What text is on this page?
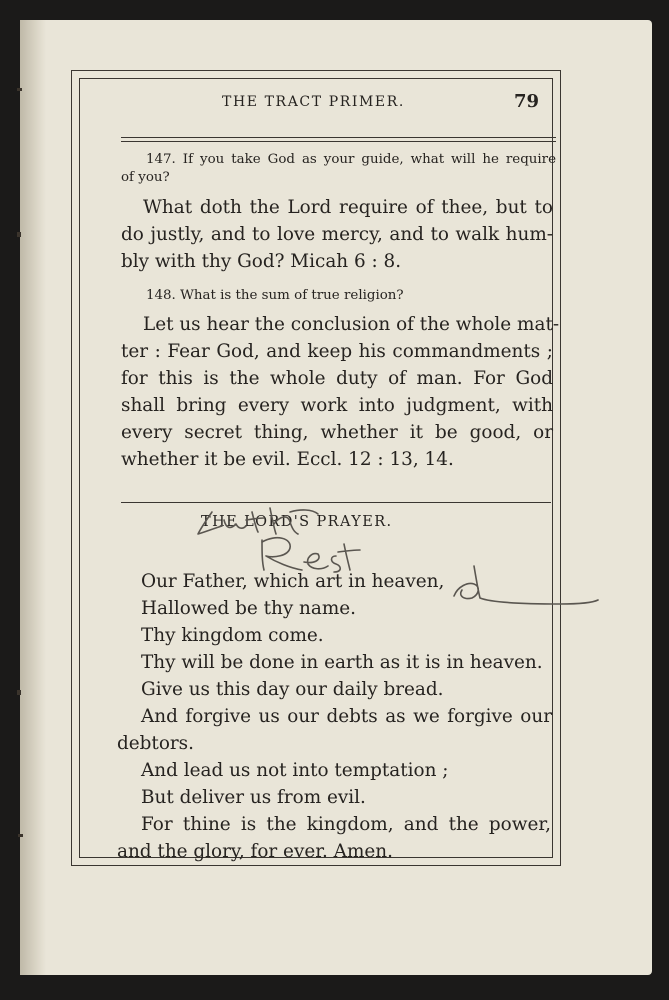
THE TRACT PRIMER.	79
147. If you take God as your guide, what will he require
of you?
What doth the Lord require of thee, but to
do justly, and to love mercy, and to walk hum-
bly with thy God? Micah 6 : 8.
148. What is the sum of true religion?
Let us hear the conclusion of the whole mat-
ter : Fear God, and keep his commandments ;
for this is the whole duty of man. For God
shall bring every work into judgment, with
every secret thing, whether it be good, or
whether it be evil. Eccl. 12 : 13, 14.
THE LORD'S PRAYER.
Our Father, which art in heaven,
Hallowed be thy name.
Thy kingdom come.
Thy will be done in earth as it is in heaven.
Give us this day our daily bread.
And forgive us our debts as we forgive our
debtors.
And lead us not into temptation ;
But deliver us from evil.
For thine is the kingdom, and the power,
and the glory, for ever. Amen.
